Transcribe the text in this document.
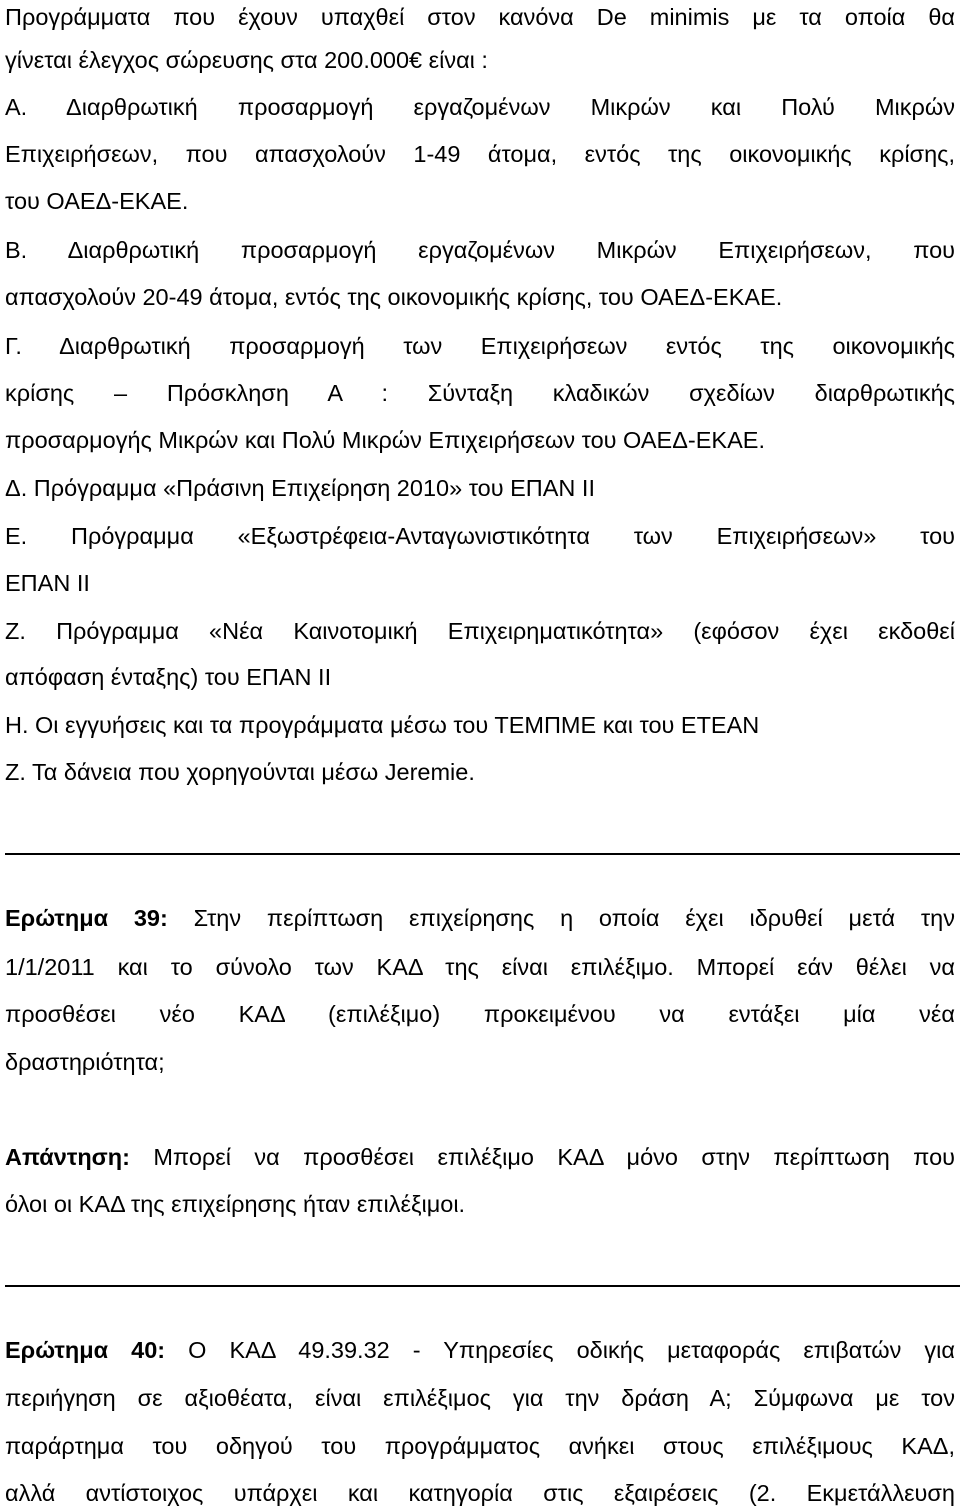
Προγράμματα που έχουν υπαχθεί στον κανόνα De minimis με τα οποία θα
γίνεται έλεγχος σώρευσης στα 200.000€ είναι :
Α. Διαρθρωτική προσαρμογή εργαζομένων Μικρών και Πολύ Μικρών
Επιχειρήσεων, που απασχολούν 1-49 άτομα, εντός της οικονομικής κρίσης,
του ΟΑΕΔ-ΕΚΑΕ.
Β. Διαρθρωτική προσαρμογή εργαζομένων Μικρών Επιχειρήσεων, που
απασχολούν 20-49 άτομα, εντός της οικονομικής κρίσης, του ΟΑΕΔ-ΕΚΑΕ.
Γ. Διαρθρωτική προσαρμογή των Επιχειρήσεων εντός της οικονομικής
κρίσης – Πρόσκληση Α : Σύνταξη κλαδικών σχεδίων διαρθρωτικής
προσαρμογής Μικρών και Πολύ Μικρών Επιχειρήσεων του ΟΑΕΔ-ΕΚΑΕ.
Δ. Πρόγραμμα «Πράσινη Επιχείρηση 2010» του ΕΠΑΝ ΙΙ
Ε. Πρόγραμμα «Εξωστρέφεια-Ανταγωνιστικότητα των Επιχειρήσεων» του
ΕΠΑΝ ΙΙ
Ζ. Πρόγραμμα «Νέα Καινοτομική Επιχειρηματικότητα» (εφόσον έχει εκδοθεί
απόφαση ένταξης) του ΕΠΑΝ ΙΙ
Η. Οι εγγυήσεις και τα προγράμματα μέσω του ΤΕΜΠΜΕ και του ΕΤΕΑΝ
Ζ. Τα δάνεια που χορηγούνται μέσω Jeremie.
Ερώτημα 39: Στην περίπτωση επιχείρησης η οποία έχει ιδρυθεί μετά την
1/1/2011 και το σύνολο των ΚΑΔ της είναι επιλέξιμο. Μπορεί εάν θέλει να
προσθέσει νέο ΚΑΔ (επιλέξιμο) προκειμένου να εντάξει μία νέα
δραστηριότητα;
Απάντηση: Μπορεί να προσθέσει επιλέξιμο ΚΑΔ μόνο στην περίπτωση που
όλοι οι ΚΑΔ της επιχείρησης ήταν επιλέξιμοι.
Ερώτημα 40: Ο ΚΑΔ 49.39.32 - Υπηρεσίες οδικής μεταφοράς επιβατών για
περιήγηση σε αξιοθέατα, είναι επιλέξιμος για την δράση Α; Σύμφωνα με τον
παράρτημα του οδηγού του προγράμματος ανήκει στους επιλέξιμους ΚΑΔ,
αλλά αντίστοιχος υπάρχει και κατηγορία στις εξαιρέσεις (2. Εκμετάλλευση
